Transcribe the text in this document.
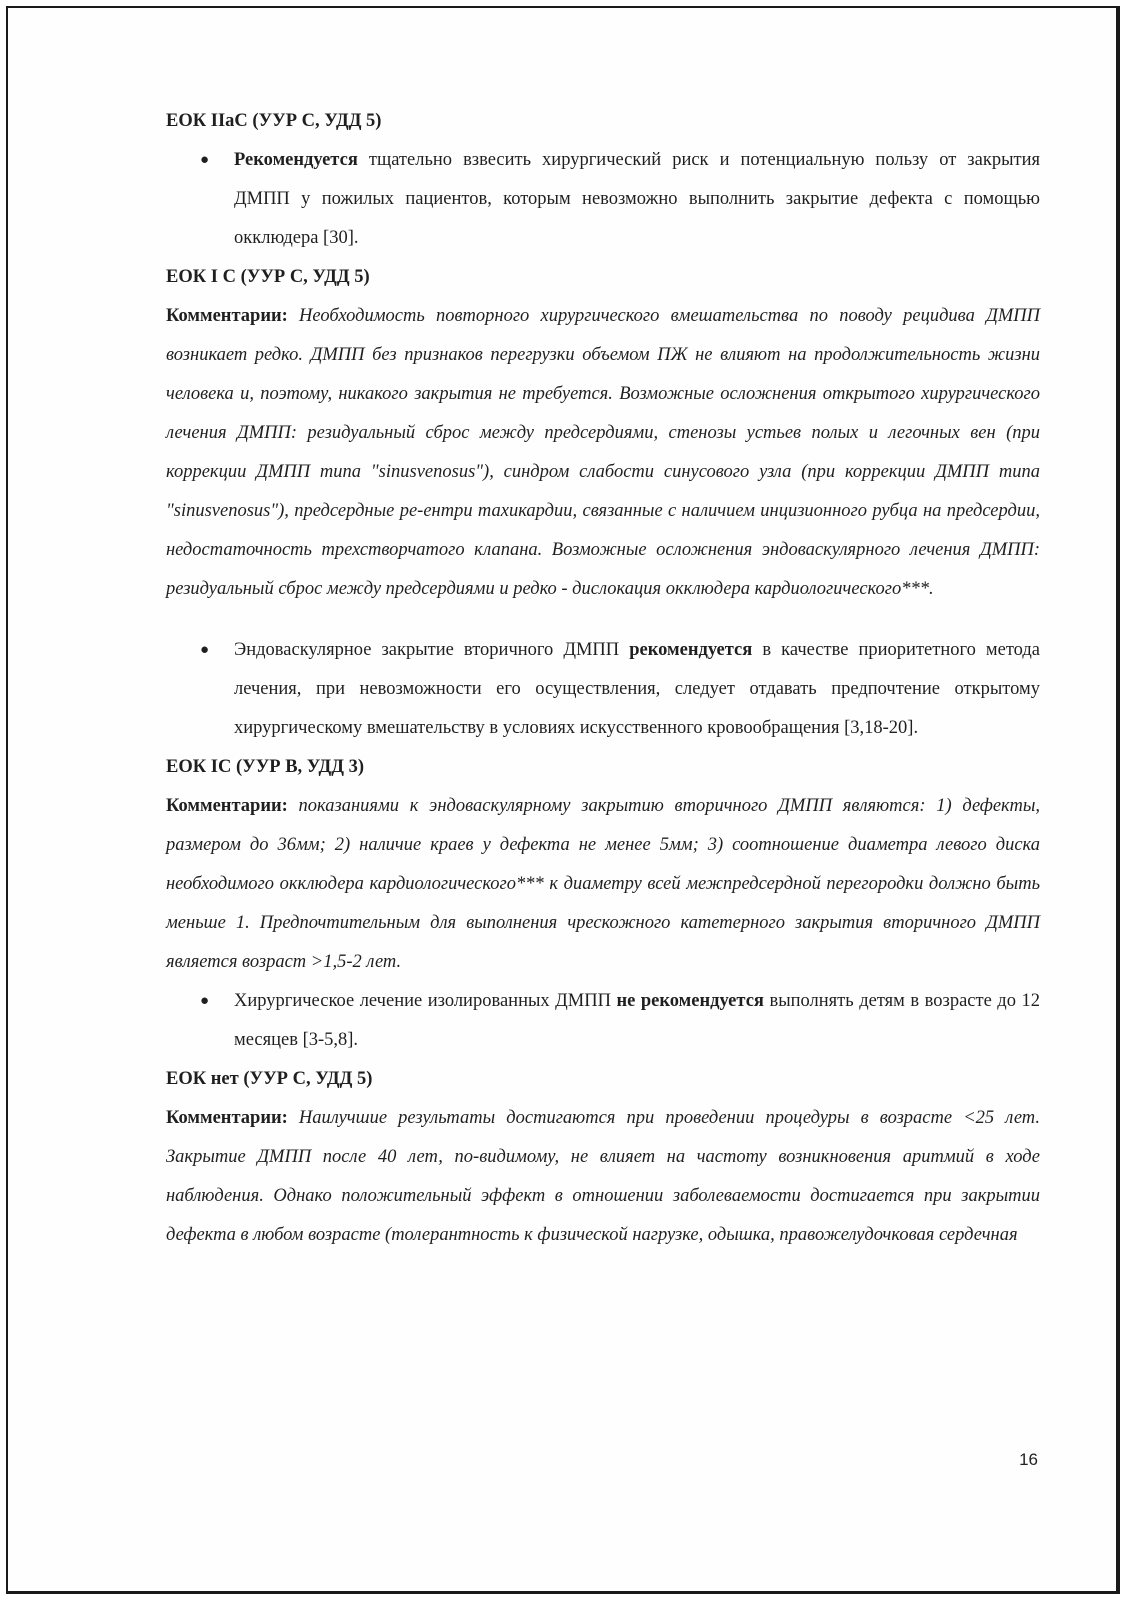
ЕОК IIaC (УУР С, УДД 5)

● Рекомендуется тщательно взвесить хирургический риск и потенциальную пользу от закрытия ДМПП у пожилых пациентов, которым невозможно выполнить закрытие дефекта с помощью окклюдера [30].

ЕОК I С (УУР С, УДД 5)

Комментарии: Необходимость повторного хирургического вмешательства по поводу рецидива ДМПП возникает редко. ДМПП без признаков перегрузки объемом ПЖ не влияют на продолжительность жизни человека и, поэтому, никакого закрытия не требуется. Возможные осложнения открытого хирургического лечения ДМПП: резидуальный сброс между предсердиями, стенозы устьев полых и легочных вен (при коррекции ДМПП типа "sinusvenosus"), синдром слабости синусового узла (при коррекции ДМПП типа "sinusvenosus"), предсердные ре-ентри тахикардии, связанные с наличием инцизионного рубца на предсердии, недостаточность трехстворчатого клапана. Возможные осложнения эндоваскулярного лечения ДМПП: резидуальный сброс между предсердиями и редко - дислокация окклюдера кардиологического***.

● Эндоваскулярное закрытие вторичного ДМПП рекомендуется в качестве приоритетного метода лечения, при невозможности его осуществления, следует отдавать предпочтение открытому хирургическому вмешательству в условиях искусственного кровообращения [3,18-20].

ЕОК IC (УУР В, УДД 3)

Комментарии: показаниями к эндоваскулярному закрытию вторичного ДМПП являются: 1) дефекты, размером до 36мм; 2) наличие краев у дефекта не менее 5мм; 3) соотношение диаметра левого диска необходимого окклюдера кардиологического*** к диаметру всей межпредсердной перегородки должно быть меньше 1. Предпочтительным для выполнения чрескожного катетерного закрытия вторичного ДМПП является возраст >1,5-2 лет.

● Хирургическое лечение изолированных ДМПП не рекомендуется выполнять детям в возрасте до 12 месяцев [3-5,8].

ЕОК нет (УУР С, УДД 5)

Комментарии: Наилучшие результаты достигаются при проведении процедуры в возрасте <25 лет. Закрытие ДМПП после 40 лет, по-видимому, не влияет на частоту возникновения аритмий в ходе наблюдения. Однако положительный эффект в отношении заболеваемости достигается при закрытии дефекта в любом возрасте (толерантность к физической нагрузке, одышка, правожелудочковая сердечная

16
